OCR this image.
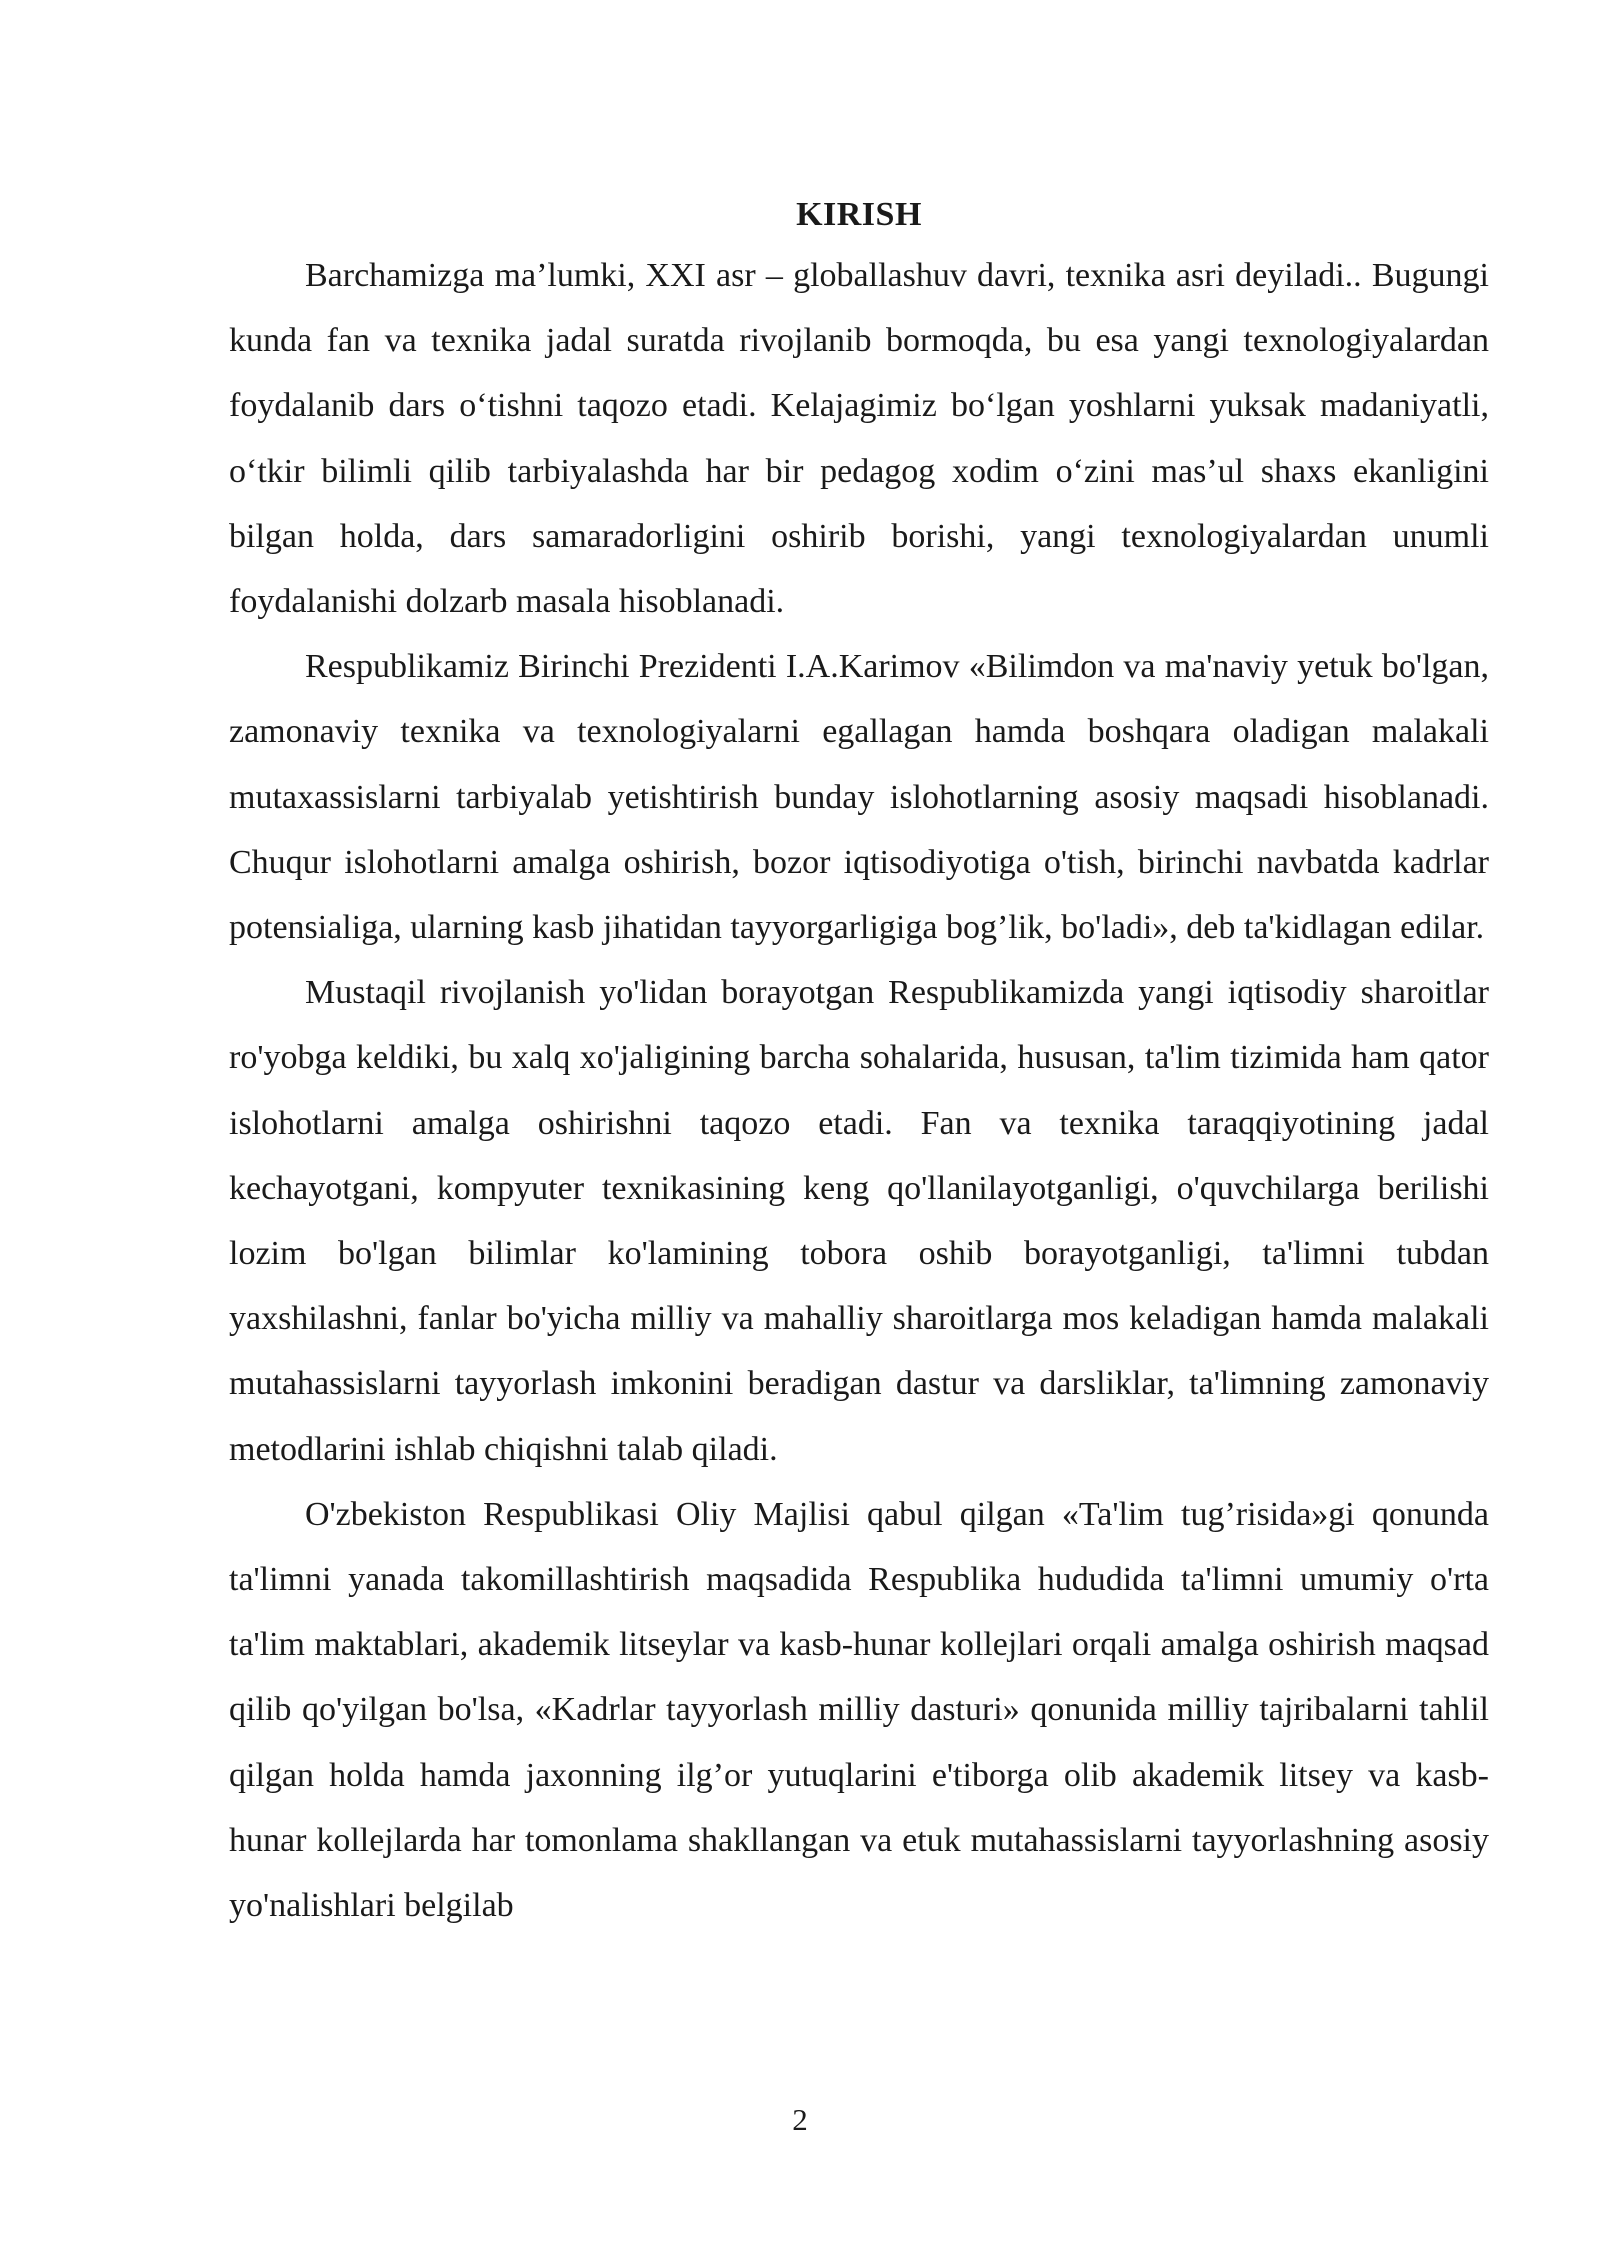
KIRISH

Barchamizga ma’lumki, XXI asr – globallashuv davri, texnika asri deyiladi.. Bugungi kunda fan va texnika jadal suratda rivojlanib bormoqda, bu esa yangi texnologiyalardan foydalanib dars o‘tishni taqozo etadi. Kelajagimiz bo‘lgan yoshlarni yuksak madaniyatli, o‘tkir bilimli qilib tarbiyalashda har bir pedagog xodim o‘zini mas’ul shaxs ekanligini bilgan holda, dars samaradorligini oshirib borishi, yangi texnologiyalardan unumli foydalanishi dolzarb masala hisoblanadi.

Respublikamiz Birinchi Prezidenti I.A.Karimov «Bilimdon va ma'naviy yetuk bo'lgan, zamonaviy texnika va texnologiyalarni egallagan hamda boshqara oladigan malakali mutaxassislarni tarbiyalab yetishtirish bunday islohotlarning asosiy maqsadi hisoblanadi. Chuqur islohotlarni amalga oshirish, bozor iqtisodiyotiga o'tish, birinchi navbatda kadrlar potensialiga, ularning kasb jihatidan tayyorgarligiga bog’lik, bo'ladi», deb ta'kidlagan edilar.

Mustaqil rivojlanish yo'lidan borayotgan Respublikamizda yangi iqtisodiy sharoitlar ro'yobga keldiki, bu xalq xo'jaligining barcha sohalarida, hususan, ta'lim tizimida ham qator islohotlarni amalga oshirishni taqozo etadi. Fan va texnika taraqqiyotining jadal kechayotgani, kompyuter texnikasining keng qo'llanilayotganligi, o'quvchilarga berilishi lozim bo'lgan bilimlar ko'lamining tobora oshib borayotganligi, ta'limni tubdan yaxshilashni, fanlar bo'yicha milliy va mahalliy sharoitlarga mos keladigan hamda malakali mutahassislarni tayyorlash imkonini beradigan dastur va darsliklar, ta'limning zamonaviy metodlarini ishlab chiqishni talab qiladi.

O'zbekiston Respublikasi Oliy Majlisi qabul qilgan «Ta'lim tug’risida»gi qonunda ta'limni yanada takomillashtirish maqsadida Respublika hududida ta'limni umumiy o'rta ta'lim maktablari, akademik litseylar va kasb-hunar kollejlari orqali amalga oshirish maqsad qilib qo'yilgan bo'lsa, «Kadrlar tayyorlash milliy dasturi» qonunida milliy tajribalarni tahlil qilgan holda hamda jaxonning ilg’or yutuqlarini e'tiborga olib akademik litsey va kasb-hunar kollejlarda har tomonlama shakllangan va etuk mutahassislarni tayyorlashning asosiy yo'nalishlari belgilab

2
